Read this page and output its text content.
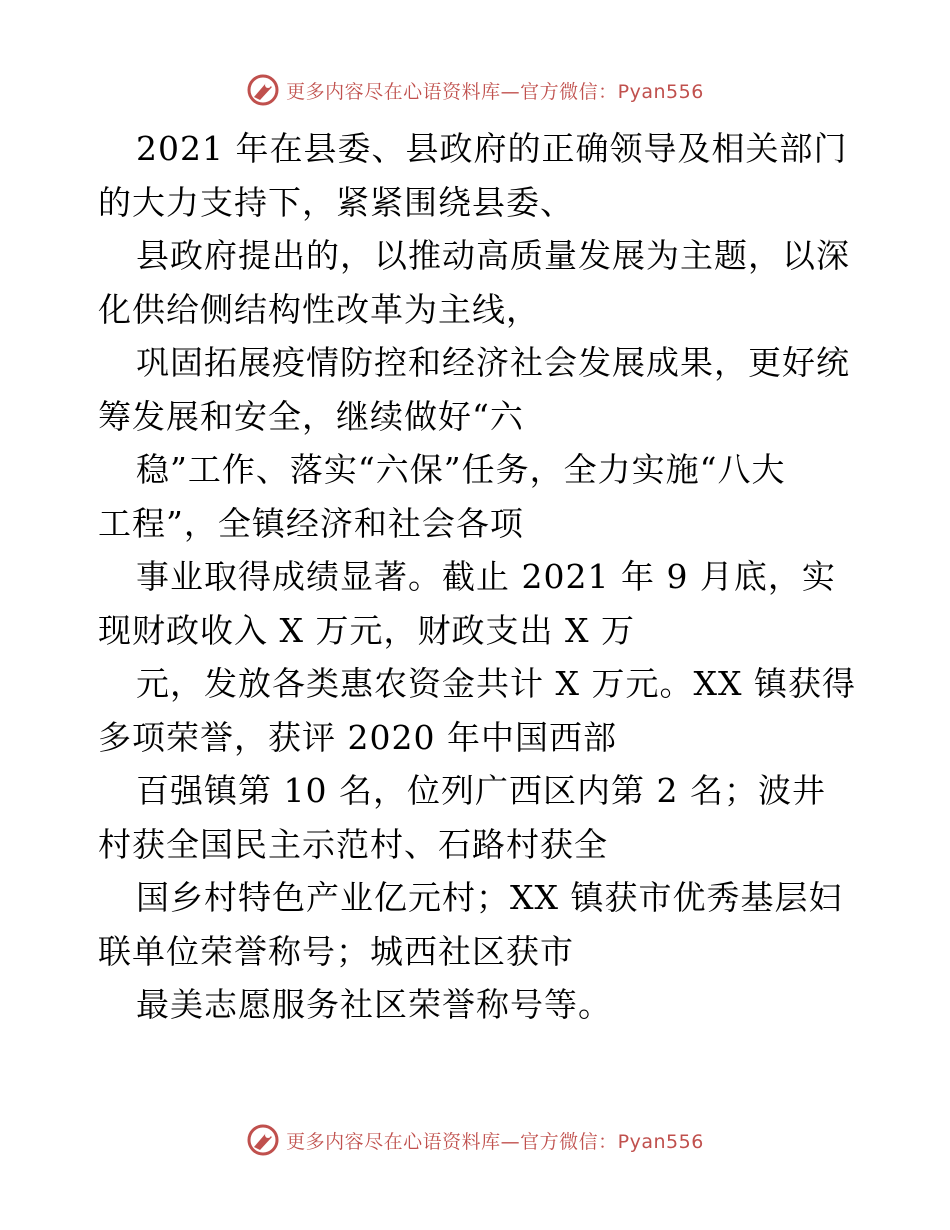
更多内容尽在心语资料库—官方微信：Pyan556
2021 年在县委、县政府的正确领导及相关部门
的大力支持下，紧紧围绕县委、
县政府提出的，以推动高质量发展为主题，以深
化供给侧结构性改革为主线，
巩固拓展疫情防控和经济社会发展成果，更好统
筹发展和安全，继续做好“六
稳”工作、落实“六保”任务，全力实施“八大
工程”，全镇经济和社会各项
事业取得成绩显著。截止 2021 年 9 月底，实
现财政收入 X 万元，财政支出 X 万
元，发放各类惠农资金共计 X 万元。XX 镇获得
多项荣誉，获评 2020 年中国西部
百强镇第 10 名，位列广西区内第 2 名；波井
村获全国民主示范村、石路村获全
国乡村特色产业亿元村；XX 镇获市优秀基层妇
联单位荣誉称号；城西社区获市
最美志愿服务社区荣誉称号等。
更多内容尽在心语资料库—官方微信：Pyan556
